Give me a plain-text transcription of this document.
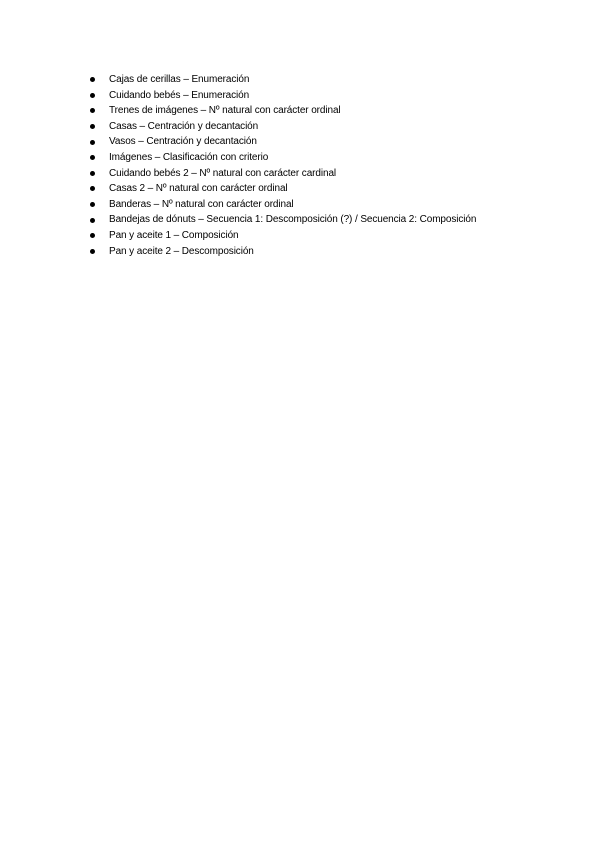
Cajas de cerillas – Enumeración
Cuidando bebés – Enumeración
Trenes de imágenes – Nº natural con carácter ordinal
Casas – Centración y decantación
Vasos – Centración y decantación
Imágenes – Clasificación con criterio
Cuidando bebés 2 – Nº natural con carácter cardinal
Casas 2 – Nº natural con carácter ordinal
Banderas – Nº natural con carácter ordinal
Bandejas de dónuts – Secuencia 1: Descomposición (?) / Secuencia 2: Composición
Pan y aceite 1 – Composición
Pan y aceite 2 – Descomposición
